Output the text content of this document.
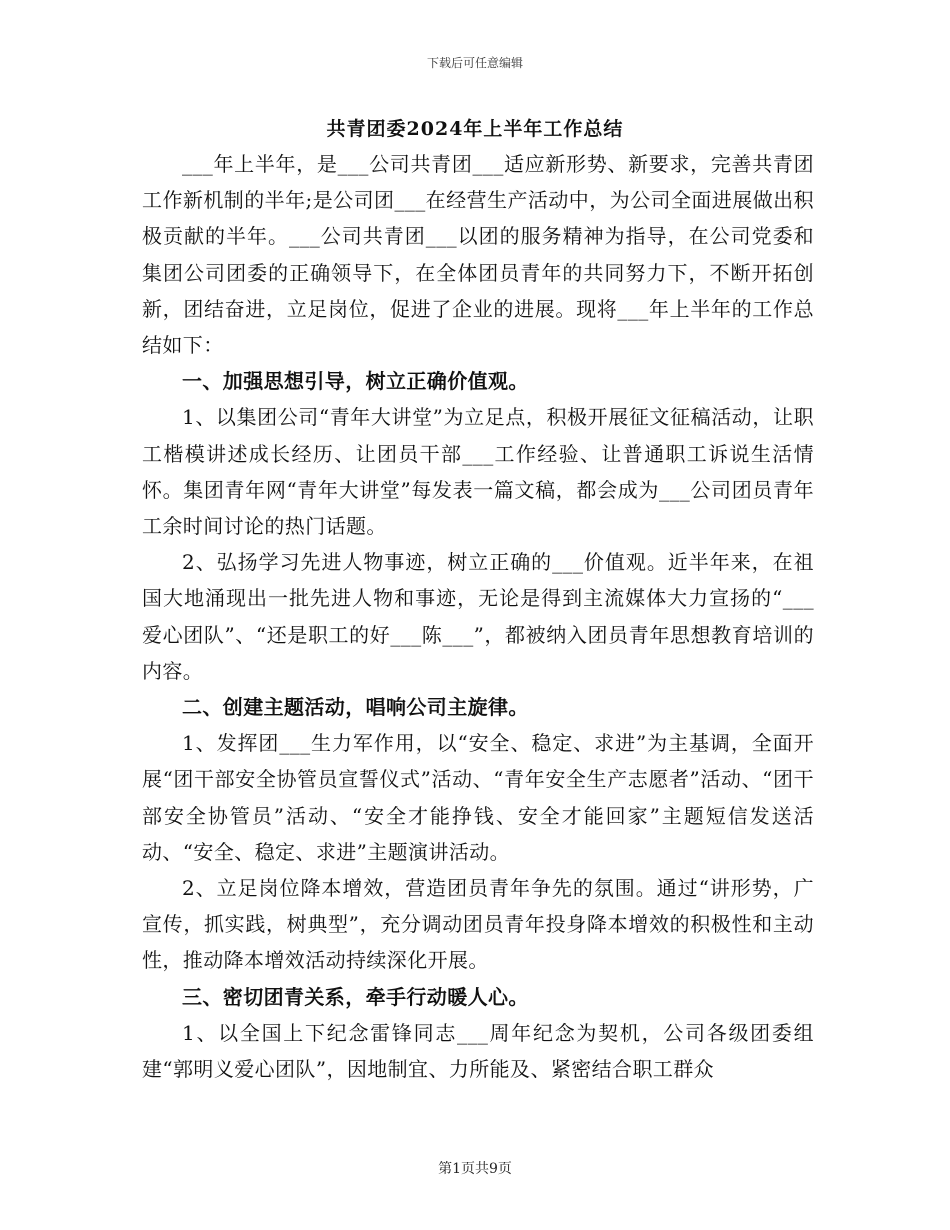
下载后可任意编辑
共青团委2024年上半年工作总结

___年上半年，是___公司共青团___适应新形势、新要求，完善共青团工作新机制的半年;是公司团___在经营生产活动中，为公司全面进展做出积极贡献的半年。___公司共青团___以团的服务精神为指导，在公司党委和集团公司团委的正确领导下，在全体团员青年的共同努力下，不断开拓创新，团结奋进，立足岗位，促进了企业的进展。现将___年上半年的工作总结如下：

一、加强思想引导，树立正确价值观。

1、以集团公司“青年大讲堂”为立足点，积极开展征文征稿活动，让职工楷模讲述成长经历、让团员干部___工作经验、让普通职工诉说生活情怀。集团青年网“青年大讲堂”每发表一篇文稿，都会成为___公司团员青年工余时间讨论的热门话题。

2、弘扬学习先进人物事迹，树立正确的___价值观。近半年来，在祖国大地涌现出一批先进人物和事迹，无论是得到主流媒体大力宣扬的“___爱心团队”、“还是职工的好___陈___”，都被纳入团员青年思想教育培训的内容。

二、创建主题活动，唱响公司主旋律。

1、发挥团___生力军作用，以“安全、稳定、求进”为主基调，全面开展“团干部安全协管员宣誓仪式”活动、“青年安全生产志愿者”活动、“团干部安全协管员”活动、“安全才能挣钱、安全才能回家”主题短信发送活动、“安全、稳定、求进”主题演讲活动。

2、立足岗位降本增效，营造团员青年争先的氛围。通过“讲形势，广宣传，抓实践，树典型”，充分调动团员青年投身降本增效的积极性和主动性，推动降本增效活动持续深化开展。

三、密切团青关系，牵手行动暖人心。

1、以全国上下纪念雷锋同志___周年纪念为契机，公司各级团委组建“郭明义爱心团队”，因地制宜、力所能及、紧密结合职工群众

第1页共9页
